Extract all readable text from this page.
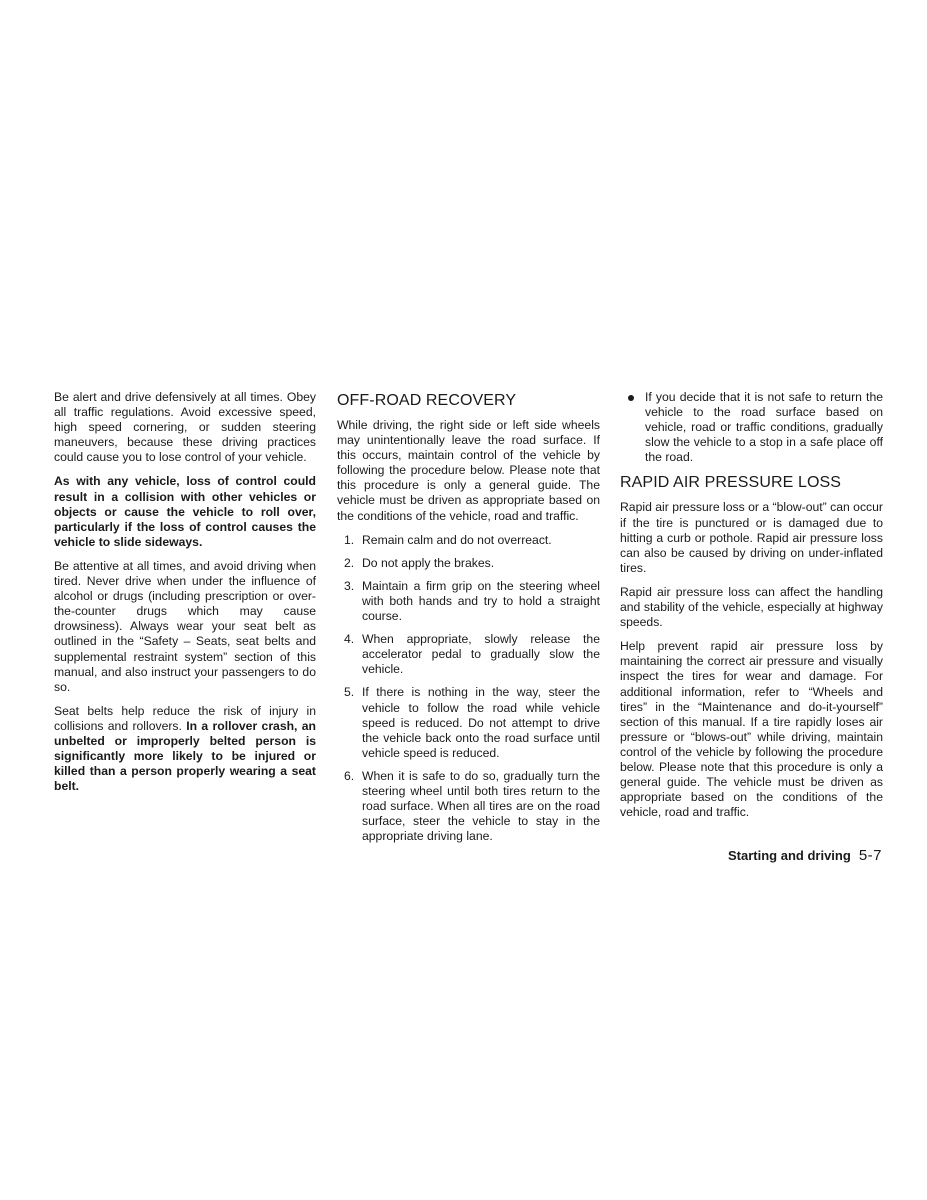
Be alert and drive defensively at all times. Obey all traffic regulations. Avoid excessive speed, high speed cornering, or sudden steering maneuvers, because these driving practices could cause you to lose control of your vehicle.

As with any vehicle, loss of control could result in a collision with other vehicles or objects or cause the vehicle to roll over, particularly if the loss of control causes the vehicle to slide sideways.

Be attentive at all times, and avoid driving when tired. Never drive when under the influence of alcohol or drugs (including prescription or over-the-counter drugs which may cause drowsiness). Always wear your seat belt as outlined in the “Safety – Seats, seat belts and supplemental restraint system” section of this manual, and also instruct your passengers to do so.

Seat belts help reduce the risk of injury in collisions and rollovers. In a rollover crash, an unbelted or improperly belted person is significantly more likely to be injured or killed than a person properly wearing a seat belt.

OFF-ROAD RECOVERY

While driving, the right side or left side wheels may unintentionally leave the road surface. If this occurs, maintain control of the vehicle by following the procedure below. Please note that this procedure is only a general guide. The vehicle must be driven as appropriate based on the conditions of the vehicle, road and traffic.

1. Remain calm and do not overreact.
2. Do not apply the brakes.
3. Maintain a firm grip on the steering wheel with both hands and try to hold a straight course.
4. When appropriate, slowly release the accelerator pedal to gradually slow the vehicle.
5. If there is nothing in the way, steer the vehicle to follow the road while vehicle speed is reduced. Do not attempt to drive the vehicle back onto the road surface until vehicle speed is reduced.
6. When it is safe to do so, gradually turn the steering wheel until both tires return to the road surface. When all tires are on the road surface, steer the vehicle to stay in the appropriate driving lane.
If you decide that it is not safe to return the vehicle to the road surface based on vehicle, road or traffic conditions, gradually slow the vehicle to a stop in a safe place off the road.
RAPID AIR PRESSURE LOSS

Rapid air pressure loss or a “blow-out” can occur if the tire is punctured or is damaged due to hitting a curb or pothole. Rapid air pressure loss can also be caused by driving on under-inflated tires.

Rapid air pressure loss can affect the handling and stability of the vehicle, especially at highway speeds.

Help prevent rapid air pressure loss by maintaining the correct air pressure and visually inspect the tires for wear and damage. For additional information, refer to “Wheels and tires” in the “Maintenance and do-it-yourself” section of this manual. If a tire rapidly loses air pressure or “blows-out” while driving, maintain control of the vehicle by following the procedure below. Please note that this procedure is only a general guide. The vehicle must be driven as appropriate based on the conditions of the vehicle, road and traffic.

Starting and driving 5-7
